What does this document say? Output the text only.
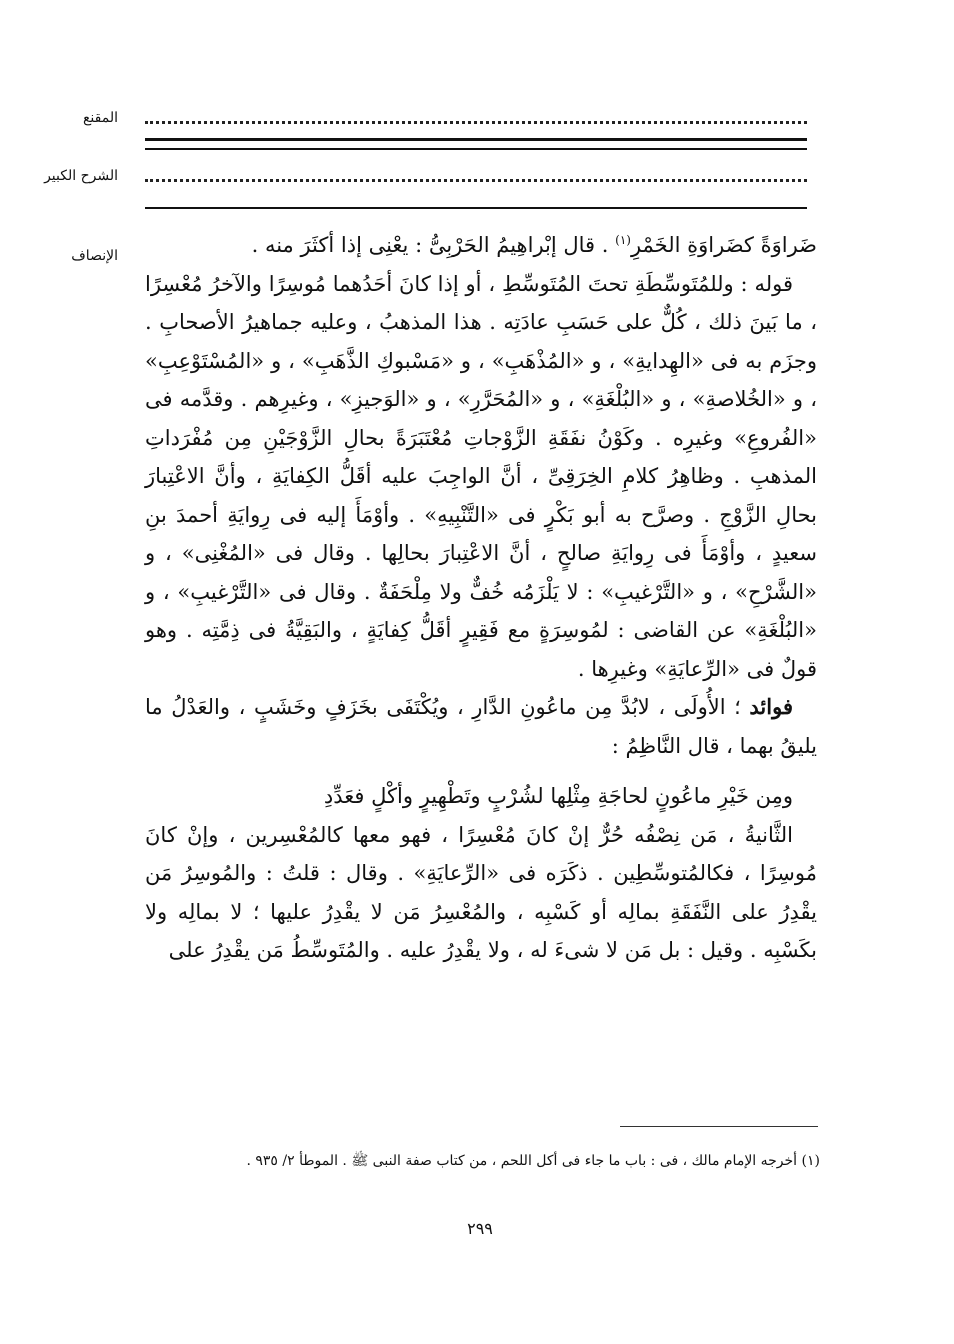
المقنع
الشرح الكبير
الإنصاف	ضَراوَةً كضَراوَةِ الخَمْرِ$^{(١)}$ . قال إبْراهِيمُ الحَرْبِىُّ : يعْنِى إذا أكثَرَ منه .

قوله : وللمُتَوسِّطَةِ تحتَ المُتَوسِّطِ ، أو إذا كانَ أحَدُهما مُوسِرًا والآخرُ مُعْسِرًا ، ما بَينَ ذلك ، كُلٌّ على حَسَبِ عادَتِه . هذا المذهبُ ، وعليه جماهيرُ الأصحابِ . وجزَم به فى «الهِدايةِ» ، و «المُذْهَبِ» ، و «مَسْبوكِ الذَّهَبِ» ، و «المُسْتَوْعِبِ» ، و «الخُلاصةِ» ، و «البُلْغَةِ» ، و «المُحَرَّرِ» ، و «الوَجيزِ» ، وغيرِهم . وقدَّمه فى «الفُروعِ» وغيرِه . وكَوْنُ نفَقَةِ الزَّوْجاتِ مُعْتَبَرَةً بحالِ الزَّوْجَيْنِ مِن مُفْرَداتِ المذهبِ . وظاهِرُ كلامِ الخِرَقِىِّ ، أنَّ الواجِبَ عليه أقَلُّ الكِفايَةِ ، وأنَّ الاعْتِبارَ بحالِ الزَّوْجِ . وصرَّح به أبو بَكْرٍ فى «التَّنْبِيهِ» . وأوْمَأَ إليه فى رِوايَةِ أحمدَ بنِ سعيدٍ ، وأوْمَأَ فى رِوايَةِ صالحٍ ، أنَّ الاعْتِبارَ بحالِها . وقال فى «المُغْنِى» ، و «الشَّرْحِ» ، و «التَّرْغيبِ» : لا يَلْزَمُه خُفٌّ ولا مِلْحَفَةٌ . وقال فى «التَّرْغيبِ» ، و «البُلْغَةِ» عن القاضى : لمُوسِرَةٍ مع فَقِيرٍ أقَلُّ كِفايَةٍ ، والبَقِيَّةُ فى ذِمَّتِه . وهو قولٌ فى «الرِّعايَةِ» وغيرِها .

فوائد ؛ الأُولَى ، لابُدَّ مِن ماعُونِ الدَّارِ ، ويُكْتَفَى بخَزَفٍ وخَشَبٍ ، والعَدْلُ ما يليقُ بهما ، قال النَّاظِمُ :

ومِن خَيْرِ ماعُونٍ لحاجَةِ مِثْلِها لشُرْبٍ وتَطْهِيرٍ وأكْلٍ فعَدِّدِ

الثَّانيةُ ، مَن نِصْفُه حُرٌّ إنْ كانَ مُعْسِرًا ، فهو معها كالمُعْسِرين ، وإنْ كانَ مُوسِرًا ، فكالمُتوسِّطِين . ذكَرَه فى «الرِّعايَةِ» . وقال : قلتُ : والمُوسِرُ مَن يقْدِرُ على النَّفَقَةِ بمالِه أو كَسْبِه ، والمُعْسِرُ مَن لا يقْدِرُ عليها ؛ لا بمالِه ولا بكَسْبِه . وقيل : بل مَن لا شىءَ له ، ولا يقْدِرُ عليه . والمُتَوسِّطُ مَن يقْدِرُ على

(١) أخرجه الإمام مالك ، فى : باب ما جاء فى أكل اللحم ، من كتاب صفة النبى ﷺ . الموطأ ٢/ ٩٣٥ .
٢٩٩
